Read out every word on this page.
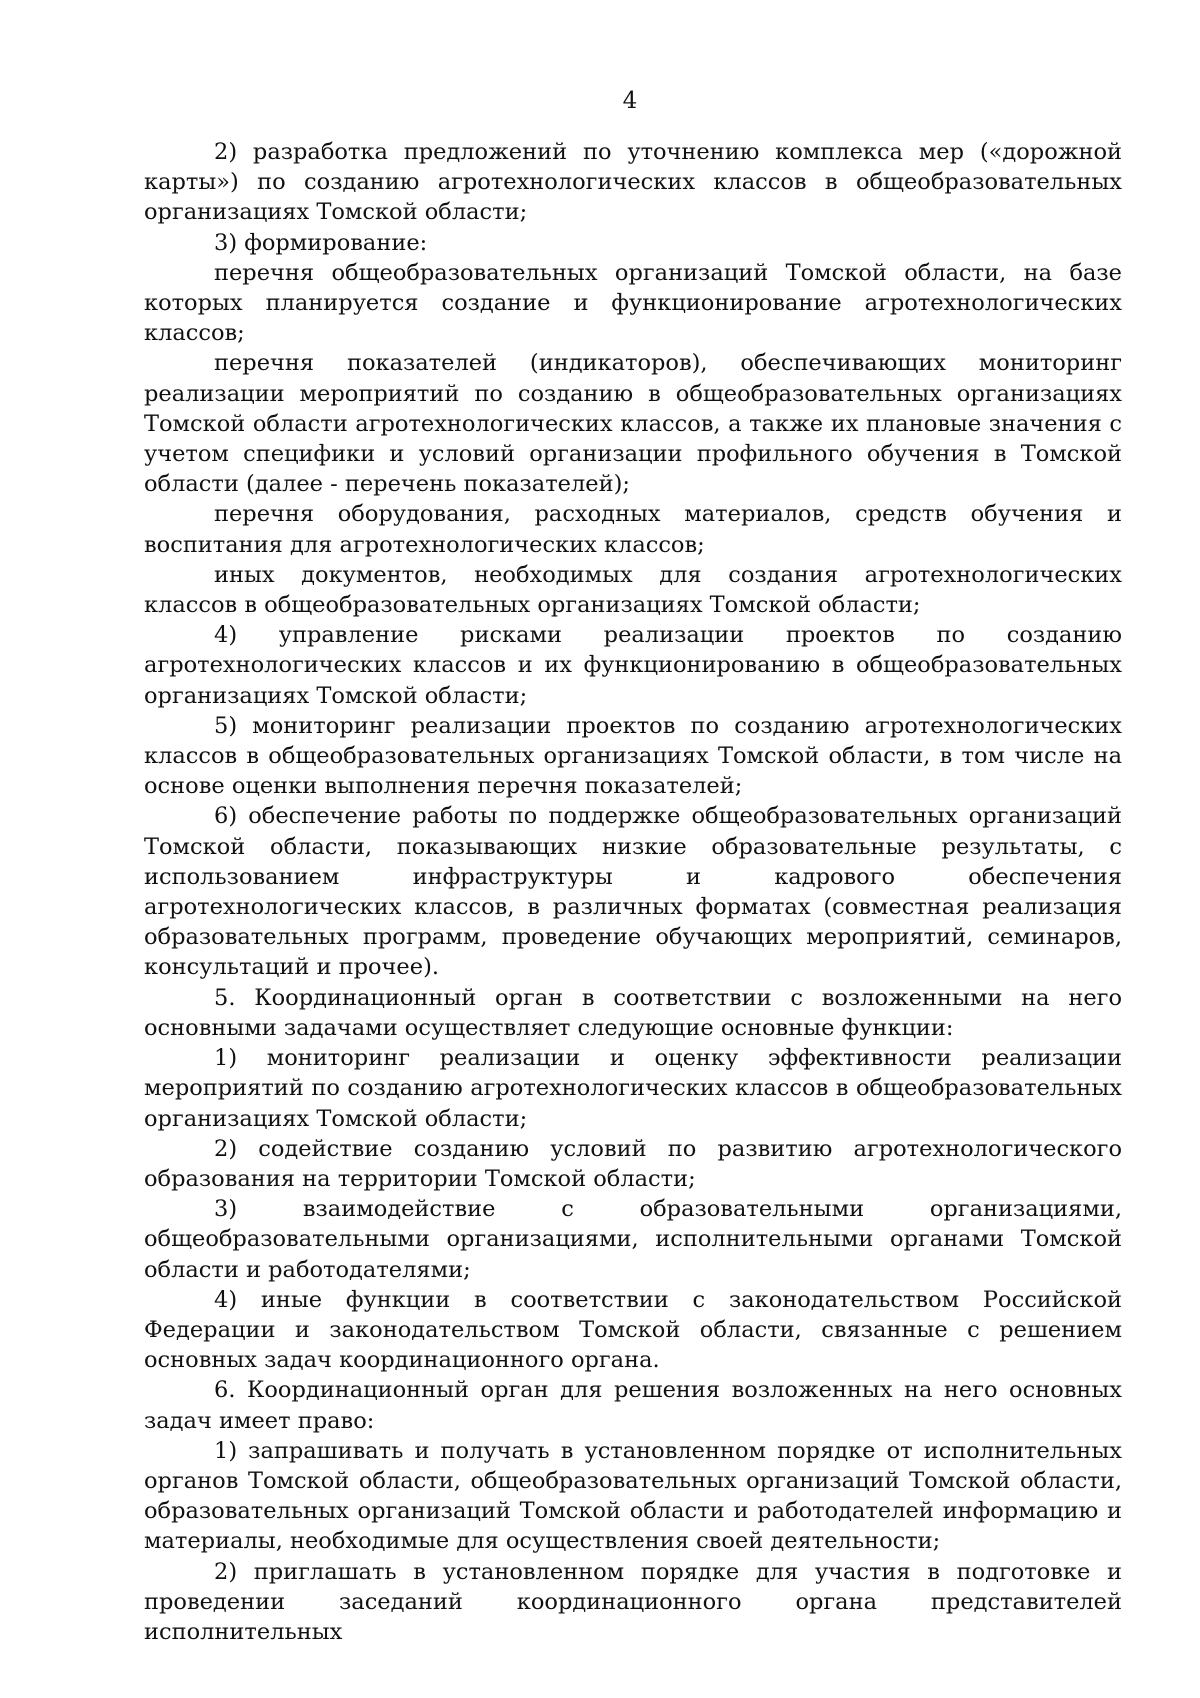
4

2) разработка предложений по уточнению комплекса мер («дорожной карты») по созданию агротехнологических классов в общеобразовательных организациях Томской области;

3) формирование:

перечня общеобразовательных организаций Томской области, на базе которых планируется создание и функционирование агротехнологических классов;

перечня показателей (индикаторов), обеспечивающих мониторинг реализации мероприятий по созданию в общеобразовательных организациях Томской области агротехнологических классов, а также их плановые значения с учетом специфики и условий организации профильного обучения в Томской области (далее - перечень показателей);

перечня оборудования, расходных материалов, средств обучения и воспитания для агротехнологических классов;

иных документов, необходимых для создания агротехнологических классов в общеобразовательных организациях Томской области;

4) управление рисками реализации проектов по созданию агротехнологических классов и их функционированию в общеобразовательных организациях Томской области;

5) мониторинг реализации проектов по созданию агротехнологических классов в общеобразовательных организациях Томской области, в том числе на основе оценки выполнения перечня показателей;

6) обеспечение работы по поддержке общеобразовательных организаций Томской области, показывающих низкие образовательные результаты, с использованием инфраструктуры и кадрового обеспечения агротехнологических классов, в различных форматах (совместная реализация образовательных программ, проведение обучающих мероприятий, семинаров, консультаций и прочее).

5. Координационный орган в соответствии с возложенными на него основными задачами осуществляет следующие основные функции:

1) мониторинг реализации и оценку эффективности реализации мероприятий по созданию агротехнологических классов в общеобразовательных организациях Томской области;

2) содействие созданию условий по развитию агротехнологического образования на территории Томской области;

3) взаимодействие с образовательными организациями, общеобразовательными организациями, исполнительными органами Томской области и работодателями;

4) иные функции в соответствии с законодательством Российской Федерации и законодательством Томской области, связанные с решением основных задач координационного органа.

6. Координационный орган для решения возложенных на него основных задач имеет право:

1) запрашивать и получать в установленном порядке от исполнительных органов Томской области, общеобразовательных организаций Томской области, образовательных организаций Томской области и работодателей информацию и материалы, необходимые для осуществления своей деятельности;

2) приглашать в установленном порядке для участия в подготовке и проведении заседаний координационного органа представителей исполнительных
